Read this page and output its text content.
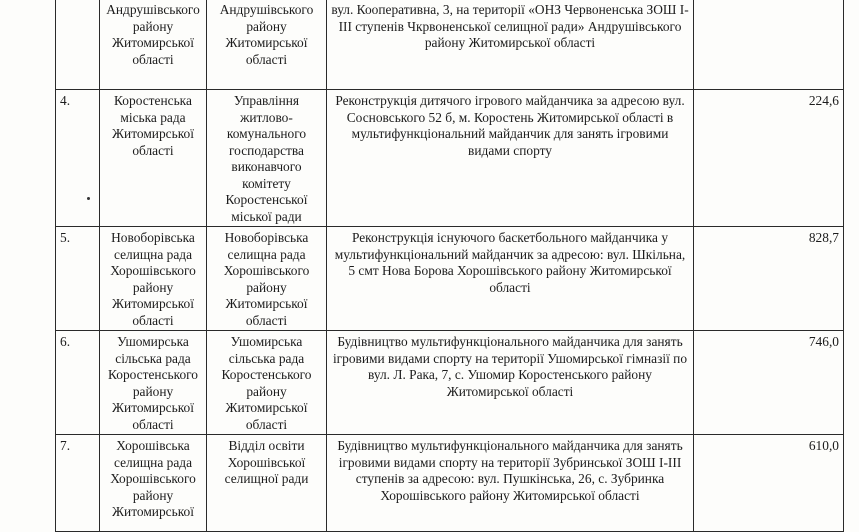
	Андрушівського району Житомирської області	Андрушівського району Житомирської області	вул. Кооперативна, 3, на території «ОНЗ Червоненська ЗОШ І-ІІІ ступенів Чкрвоненської селищної ради» Андрушівського району Житомирської області	
4.	Коростенська міська рада Житомирської області	Управління житлово-комунального господарства виконавчого комітету Коростенської міської ради	Реконструкція дитячого ігрового майданчика за адресою вул. Сосновського 52 б, м. Коростень Житомирської області в мультифункціональний майданчик для занять ігровими видами спорту	224,6
5.	Новоборівська селищна рада Хорошівського району Житомирської області	Новоборівська селищна рада Хорошівського району Житомирської області	Реконструкція існуючого баскетбольного майданчика у мультифункціональний майданчик за адресою: вул. Шкільна, 5 смт Нова Борова Хорошівського району Житомирської області	828,7
6.	Ушомирська сільська рада Коростенського району Житомирської області	Ушомирська сільська рада Коростенського району Житомирської області	Будівництво мультифункціонального майданчика для занять ігровими видами спорту на території Ушомирської гімназії по вул. Л. Рака, 7, с. Ушомир Коростенського району Житомирської області	746,0
7.	Хорошівська селищна рада Хорошівського району Житомирської	Відділ освіти Хорошівської селищної ради	Будівництво мультифункціонального майданчика для занять ігровими видами спорту на території Зубринської ЗОШ І-ІІІ ступенів за адресою: вул. Пушкінська, 26, с. Зубринка Хорошівського району Житомирської області	610,0
